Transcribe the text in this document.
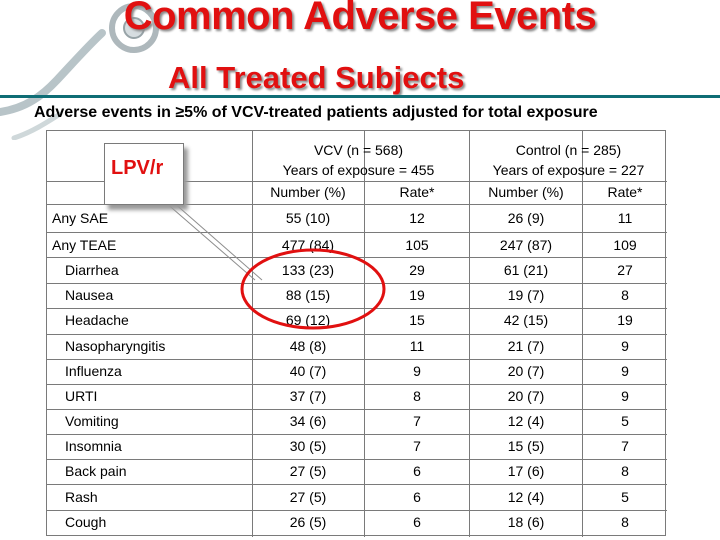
Common Adverse Events
All Treated Subjects
Adverse events in ≥5% of VCV-treated patients adjusted for total exposure
VCV (n = 568)
Years of exposure = 455
Control (n = 285)
Years of exposure = 227
Number (%)	Rate*	Number (%)	Rate*
Any SAE	55 (10)	12	26 (9)	11
Any TEAE	477 (84)	105	247 (87)	109
Diarrhea	133 (23)	29	61 (21)	27
Nausea	88 (15)	19	19 (7)	8
Headache	69 (12)	15	42 (15)	19
Nasopharyngitis	48 (8)	11	21 (7)	9
Influenza	40 (7)	9	20 (7)	9
URTI	37 (7)	8	20 (7)	9
Vomiting	34 (6)	7	12 (4)	5
Insomnia	30 (5)	7	15 (5)	7
Back pain	27 (5)	6	17 (6)	8
Rash	27 (5)	6	12 (4)	5
Cough	26 (5)	6	18 (6)	8
LPV/r
